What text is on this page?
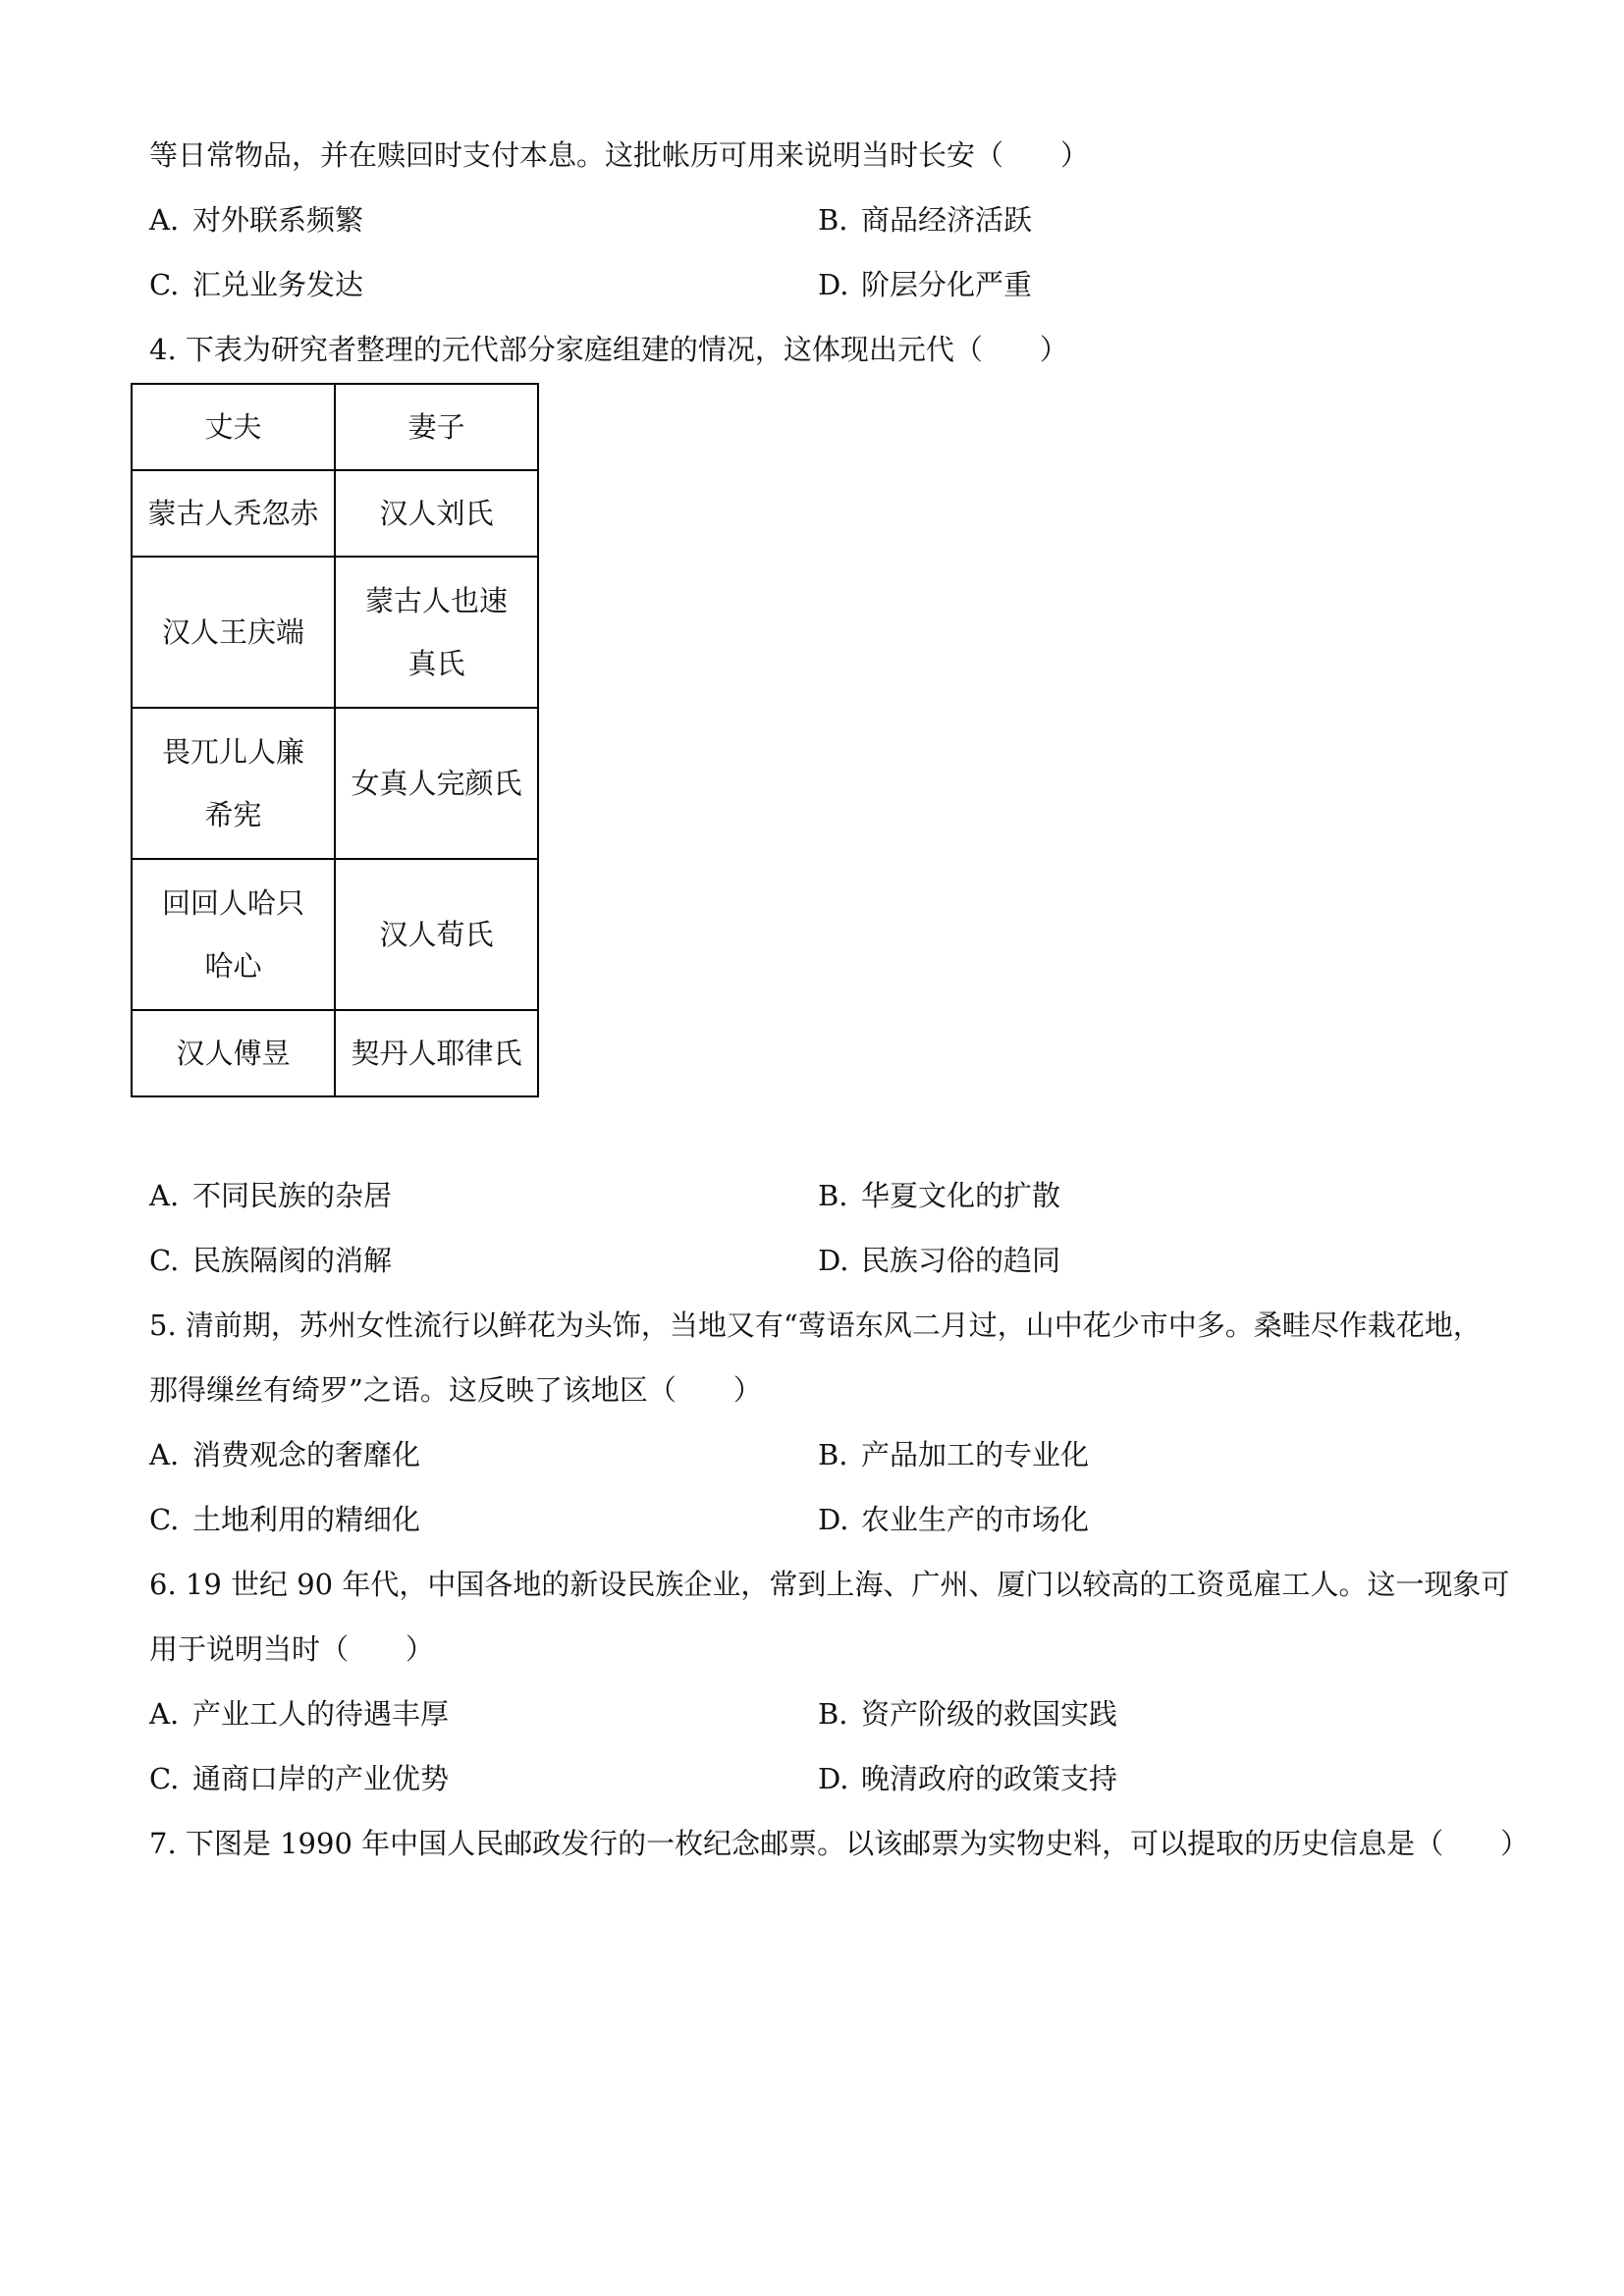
等日常物品，并在赎回时支付本息。这批帐历可用来说明当时长安（　　）
A. 对外联系频繁	B. 商品经济活跃
C. 汇兑业务发达	D. 阶层分化严重
4. 下表为研究者整理的元代部分家庭组建的情况，这体现出元代（　　）
丈夫	妻子
蒙古人秃忽赤	汉人刘氏
汉人王庆端	蒙古人也速真氏
畏兀儿人廉希宪	女真人完颜氏
回回人哈只哈心	汉人荀氏
汉人傅昱	契丹人耶律氏
A. 不同民族的杂居	B. 华夏文化的扩散
C. 民族隔阂的消解	D. 民族习俗的趋同
5. 清前期，苏州女性流行以鲜花为头饰，当地又有“莺语东风二月过，山中花少市中多。桑畦尽作栽花地，
那得缫丝有绮罗”之语。这反映了该地区（　　）
A. 消费观念的奢靡化	B. 产品加工的专业化
C. 土地利用的精细化	D. 农业生产的市场化
6. 19 世纪 90 年代，中国各地的新设民族企业，常到上海、广州、厦门以较高的工资觅雇工人。这一现象可
用于说明当时（　　）
A. 产业工人的待遇丰厚	B. 资产阶级的救国实践
C. 通商口岸的产业优势	D. 晚清政府的政策支持
7. 下图是 1990 年中国人民邮政发行的一枚纪念邮票。以该邮票为实物史料，可以提取的历史信息是（　　）
